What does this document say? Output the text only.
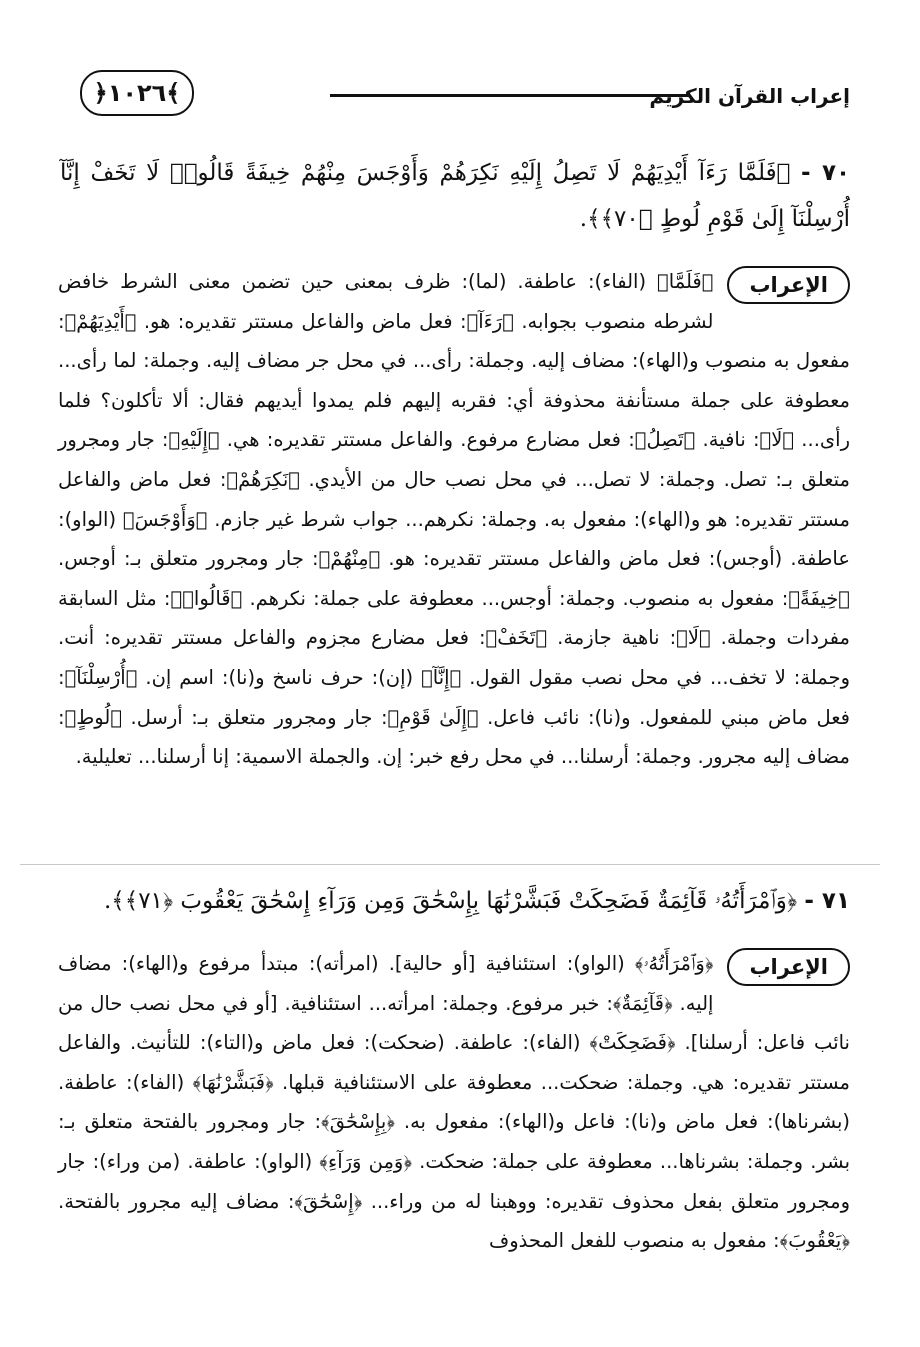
﴿١٠٢٦﴾	إعراب القرآن الكريم
٧٠ - ﴿فَلَمَّا رَءَآ أَيْدِيَهُمْ لَا تَصِلُ إِلَيْهِ نَكِرَهُمْ وَأَوْجَسَ مِنْهُمْ خِيفَةً قَالُوا۟ لَا تَخَفْ إِنَّآ أُرْسِلْنَآ إِلَىٰ قَوْمِ لُوطٍ ﴿٧٠﴾﴾.
الإعراب

﴿فَلَمَّا﴾ (الفاء): عاطفة. (لما): ظرف بمعنى حين تضمن معنى الشرط خافض لشرطه منصوب بجوابه. ﴿رَءَآ﴾: فعل ماض والفاعل مستتر تقديره: هو. ﴿أَيْدِيَهُمْ﴾: مفعول به منصوب و(الهاء): مضاف إليه. وجملة: رأى... في محل جر مضاف إليه. وجملة: لما رأى... معطوفة على جملة مستأنفة محذوفة أي: فقربه إليهم فلم يمدوا أيديهم فقال: ألا تأكلون؟ فلما رأى... ﴿لَا﴾: نافية. ﴿تَصِلُ﴾: فعل مضارع مرفوع. والفاعل مستتر تقديره: هي. ﴿إِلَيْهِ﴾: جار ومجرور متعلق بـ: تصل. وجملة: لا تصل... في محل نصب حال من الأيدي. ﴿نَكِرَهُمْ﴾: فعل ماض والفاعل مستتر تقديره: هو و(الهاء): مفعول به. وجملة: نكرهم... جواب شرط غير جازم. ﴿وَأَوْجَسَ﴾ (الواو): عاطفة. (أوجس): فعل ماض والفاعل مستتر تقديره: هو. ﴿مِنْهُمْ﴾: جار ومجرور متعلق بـ: أوجس. ﴿خِيفَةً﴾: مفعول به منصوب. وجملة: أوجس... معطوفة على جملة: نكرهم. ﴿قَالُوا۟﴾: مثل السابقة مفردات وجملة. ﴿لَا﴾: ناهية جازمة. ﴿تَخَفْ﴾: فعل مضارع مجزوم والفاعل مستتر تقديره: أنت. وجملة: لا تخف... في محل نصب مقول القول. ﴿إِنَّآ﴾ (إن): حرف ناسخ و(نا): اسم إن. ﴿أُرْسِلْنَآ﴾: فعل ماض مبني للمفعول. و(نا): نائب فاعل. ﴿إِلَىٰ قَوْمِ﴾: جار ومجرور متعلق بـ: أرسل. ﴿لُوطٍ﴾: مضاف إليه مجرور. وجملة: أرسلنا... في محل رفع خبر: إن. والجملة الاسمية: إنا أرسلنا... تعليلية.

٧١ - ﴿وَٱمْرَأَتُهُۥ قَآئِمَةٌ فَضَحِكَتْ فَبَشَّرْنَٰهَا بِإِسْحَٰقَ وَمِن وَرَآءِ إِسْحَٰقَ يَعْقُوبَ ﴿٧١﴾﴾.
الإعراب

﴿وَٱمْرَأَتُهُۥ﴾ (الواو): استئنافية [أو حالية]. (امرأته): مبتدأ مرفوع و(الهاء): مضاف إليه. ﴿قَآئِمَةٌ﴾: خبر مرفوع. وجملة: امرأته... استئنافية. [أو في محل نصب حال من نائب فاعل: أرسلنا]. ﴿فَضَحِكَتْ﴾ (الفاء): عاطفة. (ضحكت): فعل ماض و(التاء): للتأنيث. والفاعل مستتر تقديره: هي. وجملة: ضحكت... معطوفة على الاستئنافية قبلها. ﴿فَبَشَّرْنَٰهَا﴾ (الفاء): عاطفة. (بشرناها): فعل ماض و(نا): فاعل و(الهاء): مفعول به. ﴿بِإِسْحَٰقَ﴾: جار ومجرور بالفتحة متعلق بـ: بشر. وجملة: بشرناها... معطوفة على جملة: ضحكت. ﴿وَمِن وَرَآءِ﴾ (الواو): عاطفة. (من وراء): جار ومجرور متعلق بفعل محذوف تقديره: ووهبنا له من وراء... ﴿إِسْحَٰقَ﴾: مضاف إليه مجرور بالفتحة. ﴿يَعْقُوبَ﴾: مفعول به منصوب للفعل المحذوف
